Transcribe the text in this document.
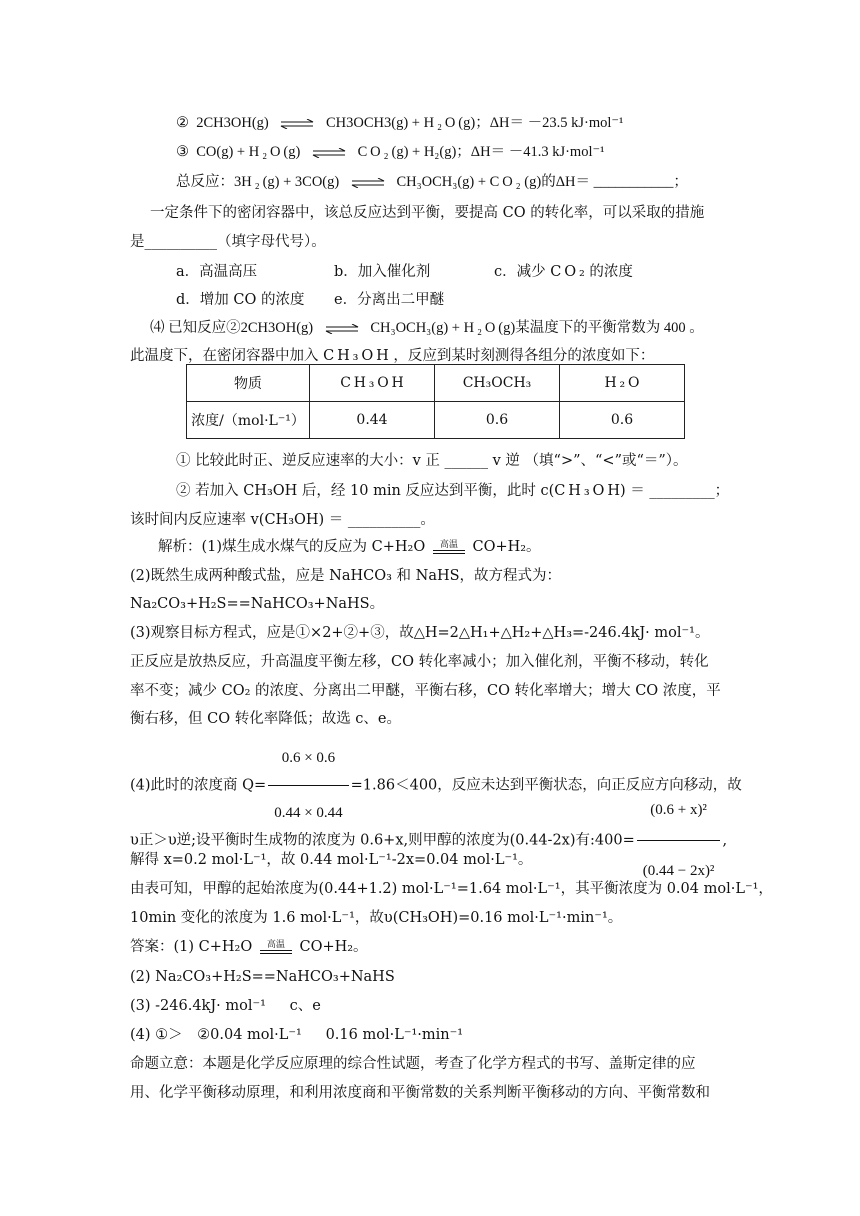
② 2CH3OH(g) ⇌ CH3OCH3(g) + H ₂ O (g)；ΔH＝ －23.5 kJ·mol⁻¹
③ CO(g) + H ₂ O (g) ⇌ C O ₂ (g) + H₂(g)；ΔH＝ －41.3 kJ·mol⁻¹
总反应：3H ₂ (g) + 3CO(g) ⇌ CH₃OCH₃(g) + C O ₂ (g)的ΔH＝ ___________；
一定条件下的密闭容器中，该总反应达到平衡，要提高 CO 的转化率，可以采取的措施
是__________（填字母代号）。
a．高温高压	b．加入催化剂	c．减少 C O ₂ 的浓度
d．增加 CO 的浓度 e．分离出二甲醚
⑷ 已知反应②2CH3OH(g) ⇌ CH₃OCH₃(g) + H ₂ O (g)某温度下的平衡常数为 400 。
此温度下，在密闭容器中加入 C H ₃ O H ，反应到某时刻测得各组分的浓度如下：
物质	C H ₃ O H	CH₃OCH₃	H ₂ O
浓度/（mol·L⁻¹）	0.44	0.6	0.6
① 比较此时正、逆反应速率的大小：v 正 ______ v 逆 （填“>”、“<”或“＝”）。
② 若加入 CH₃OH 后，经 10 min 反应达到平衡，此时 c(C H ₃ O H) ＝ _________；
该时间内反应速率 v(CH₃OH) ＝ __________。
解析：(1)煤生成水煤气的反应为 C+H₂O	高温	CO+H₂。
(2)既然生成两种酸式盐，应是 NaHCO₃ 和 NaHS，故方程式为：
Na₂CO₃+H₂S==NaHCO₃+NaHS。
(3)观察目标方程式，应是①×2+②+③，故△H=2△H₁+△H₂+△H₃=-246.4kJ· mol⁻¹。
正反应是放热反应，升高温度平衡左移，CO 转化率减小；加入催化剂，平衡不移动，转化
率不变；减少 CO₂ 的浓度、分离出二甲醚，平衡右移，CO 转化率增大；增大 CO 浓度，平
衡右移，但 CO 转化率降低；故选 c、e。
(4)此时的浓度商 $Q= \frac{0.6 \times 0.6}{0.44 \times 0.44} =1.86<400$，反应未达到平衡状态，向正反应方向移动，故
υ正＞υ逆;设平衡时生成物的浓度为 0.6+x,则甲醇的浓度为(0.44-2x)有:400= $\frac{\text{(0.6 + x)²}}{\text{(0.44 − 2x)²}}$ ,
解得 x=0.2 mol·L⁻¹，故 0.44 mol·L⁻¹-2x=0.04 mol·L⁻¹。
由表可知，甲醇的起始浓度为(0.44+1.2) mol·L⁻¹=1.64 mol·L⁻¹，其平衡浓度为 0.04 mol·L⁻¹，
10min 变化的浓度为 1.6 mol·L⁻¹，故υ(CH₃OH)=0.16 mol·L⁻¹·min⁻¹。
答案：(1) C+H₂O	高温	CO+H₂。
(2) Na₂CO₃+H₂S==NaHCO₃+NaHS
(3) -246.4kJ· mol⁻¹ 　 c、e
(4) ①＞　②0.04 mol·L⁻¹ 　 0.16 mol·L⁻¹·min⁻¹
命题立意：本题是化学反应原理的综合性试题，考查了化学方程式的书写、盖斯定律的应
用、化学平衡移动原理，和利用浓度商和平衡常数的关系判断平衡移动的方向、平衡常数和
